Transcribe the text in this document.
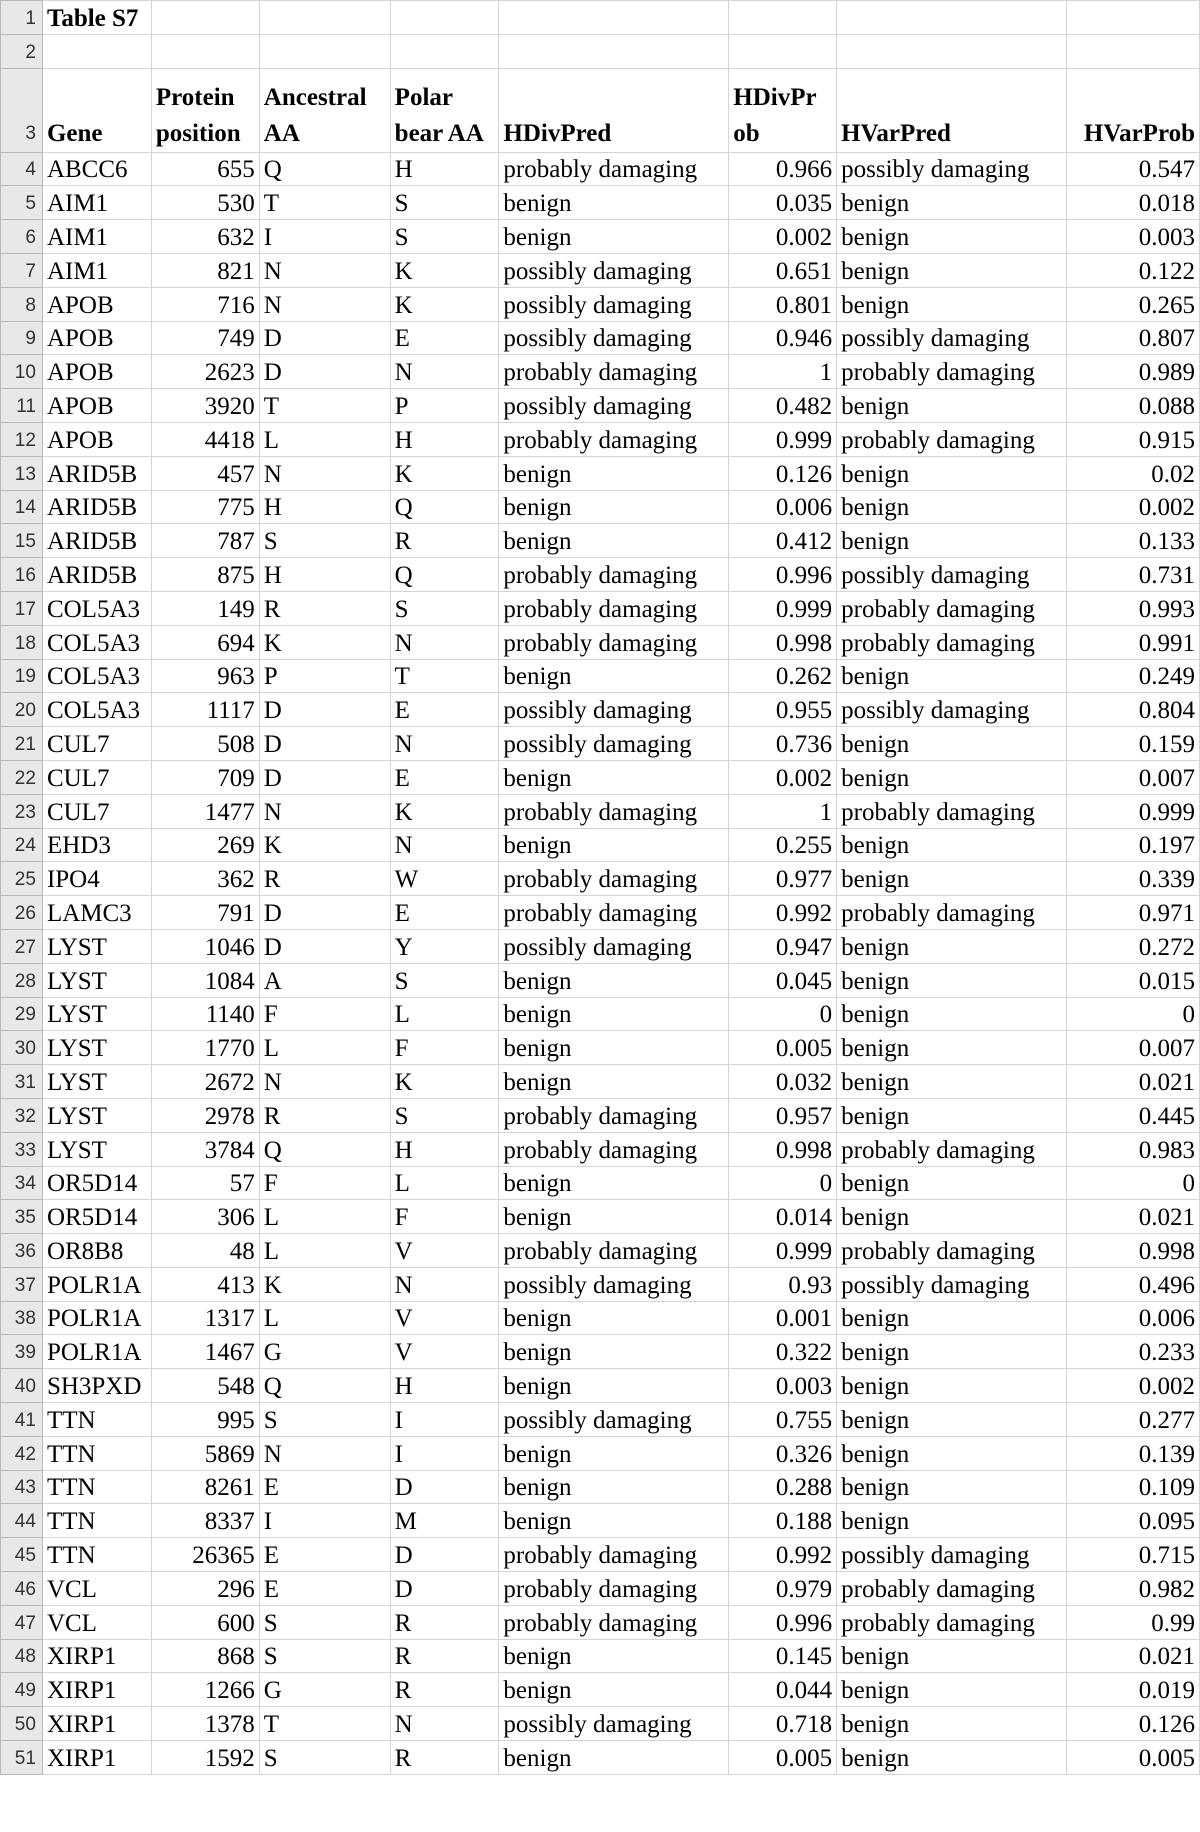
1	Table S7							
2								
3	Gene	Protein position	Ancestral AA	Polar bear AA	HDivPred	HDivPr ob	HVarPred	HVarProb
4	ABCC6	655	Q	H	probably damaging	0.966	possibly damaging	0.547
5	AIM1	530	T	S	benign	0.035	benign	0.018
6	AIM1	632	I	S	benign	0.002	benign	0.003
7	AIM1	821	N	K	possibly damaging	0.651	benign	0.122
8	APOB	716	N	K	possibly damaging	0.801	benign	0.265
9	APOB	749	D	E	possibly damaging	0.946	possibly damaging	0.807
10	APOB	2623	D	N	probably damaging	1	probably damaging	0.989
11	APOB	3920	T	P	possibly damaging	0.482	benign	0.088
12	APOB	4418	L	H	probably damaging	0.999	probably damaging	0.915
13	ARID5B	457	N	K	benign	0.126	benign	0.02
14	ARID5B	775	H	Q	benign	0.006	benign	0.002
15	ARID5B	787	S	R	benign	0.412	benign	0.133
16	ARID5B	875	H	Q	probably damaging	0.996	possibly damaging	0.731
17	COL5A3	149	R	S	probably damaging	0.999	probably damaging	0.993
18	COL5A3	694	K	N	probably damaging	0.998	probably damaging	0.991
19	COL5A3	963	P	T	benign	0.262	benign	0.249
20	COL5A3	1117	D	E	possibly damaging	0.955	possibly damaging	0.804
21	CUL7	508	D	N	possibly damaging	0.736	benign	0.159
22	CUL7	709	D	E	benign	0.002	benign	0.007
23	CUL7	1477	N	K	probably damaging	1	probably damaging	0.999
24	EHD3	269	K	N	benign	0.255	benign	0.197
25	IPO4	362	R	W	probably damaging	0.977	benign	0.339
26	LAMC3	791	D	E	probably damaging	0.992	probably damaging	0.971
27	LYST	1046	D	Y	possibly damaging	0.947	benign	0.272
28	LYST	1084	A	S	benign	0.045	benign	0.015
29	LYST	1140	F	L	benign	0	benign	0
30	LYST	1770	L	F	benign	0.005	benign	0.007
31	LYST	2672	N	K	benign	0.032	benign	0.021
32	LYST	2978	R	S	probably damaging	0.957	benign	0.445
33	LYST	3784	Q	H	probably damaging	0.998	probably damaging	0.983
34	OR5D14	57	F	L	benign	0	benign	0
35	OR5D14	306	L	F	benign	0.014	benign	0.021
36	OR8B8	48	L	V	probably damaging	0.999	probably damaging	0.998
37	POLR1A	413	K	N	possibly damaging	0.93	possibly damaging	0.496
38	POLR1A	1317	L	V	benign	0.001	benign	0.006
39	POLR1A	1467	G	V	benign	0.322	benign	0.233
40	SH3PXD	548	Q	H	benign	0.003	benign	0.002
41	TTN	995	S	I	possibly damaging	0.755	benign	0.277
42	TTN	5869	N	I	benign	0.326	benign	0.139
43	TTN	8261	E	D	benign	0.288	benign	0.109
44	TTN	8337	I	M	benign	0.188	benign	0.095
45	TTN	26365	E	D	probably damaging	0.992	possibly damaging	0.715
46	VCL	296	E	D	probably damaging	0.979	probably damaging	0.982
47	VCL	600	S	R	probably damaging	0.996	probably damaging	0.99
48	XIRP1	868	S	R	benign	0.145	benign	0.021
49	XIRP1	1266	G	R	benign	0.044	benign	0.019
50	XIRP1	1378	T	N	possibly damaging	0.718	benign	0.126
51	XIRP1	1592	S	R	benign	0.005	benign	0.005
